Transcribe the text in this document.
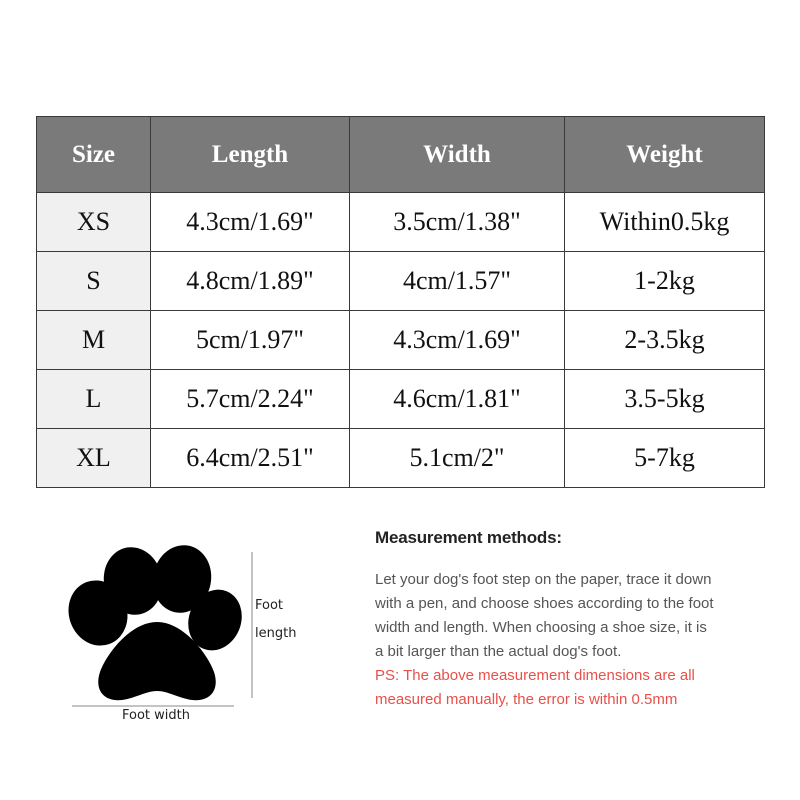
Size	Length	Width	Weight
XS	4.3cm/1.69"	3.5cm/1.38"	Within0.5kg
S	4.8cm/1.89"	4cm/1.57"	1-2kg
M	5cm/1.97"	4.3cm/1.69"	2-3.5kg
L	5.7cm/2.24"	4.6cm/1.81"	3.5-5kg
XL	6.4cm/2.51"	5.1cm/2"	5-7kg
Foot
length
Foot width

Measurement methods:

Let your dog's foot step on the paper, trace it down with a pen, and choose shoes according to the foot width and length. When choosing a shoe size, it is a bit larger than the actual dog's foot.

PS: The above measurement dimensions are all measured manually, the error is within 0.5mm
